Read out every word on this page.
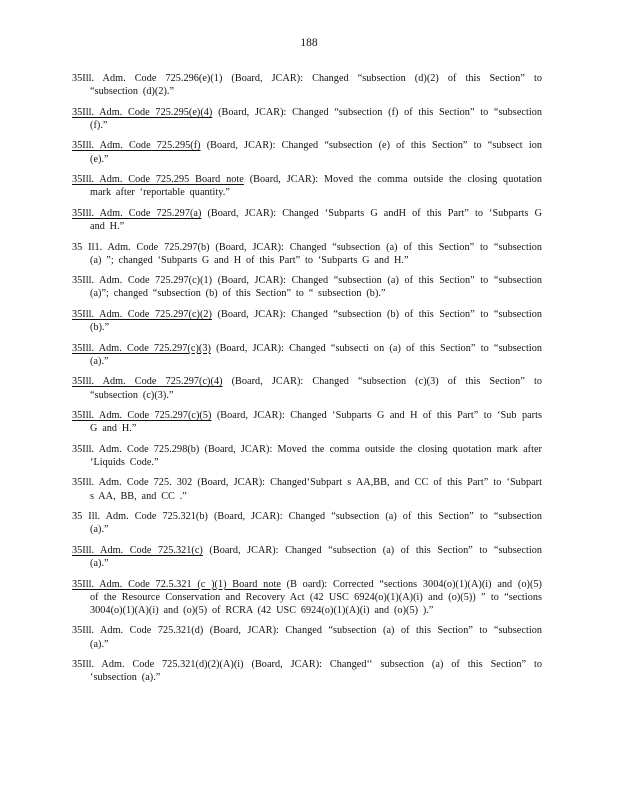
188

35Ill. Adm. Code 725.296(e)(1) (Board, JCAR): Changed “subsection (d)(2) of this Section” to “subsection (d)(2).”

35Ill. Adm. Code 725.295(e)(4) (Board, JCAR): Changed “subsection (f) of this Section” to “subsection (f).”

35Ill. Adm. Code 725.295(f) (Board, JCAR): Changed “subsection (e) of this Section” to “subsect ion (e).”

35Ill. Adm. Code 725.295 Board note (Board, JCAR): Moved the comma outside the closing quotation mark after ‘reportable quantity.”

35Ill. Adm. Code 725.297(a) (Board, JCAR): Changed ‘Subparts G andH of this Part” to ‘Subparts G and H.”

35 Il1. Adm. Code 725.297(b) (Board, JCAR): Changed “subsection (a) of this Section” to “subsection (a) ”; changed ‘Subparts G and H of this Part” to ‘Subparts G and H.”

35Ill. Adm. Code 725.297(c)(1) (Board, JCAR): Changed “subsection (a) of this Section” to “subsection (a)”; changed “subsection (b) of this Section” to “ subsection (b).”

35Ill. Adm. Code 725.297(c)(2) (Board, JCAR): Changed “subsection (b) of this Section” to “subsection (b).”

35Ill. Adm. Code 725.297(c)(3) (Board, JCAR): Changed “subsecti on (a) of this Section” to “subsection (a).”

35Ill. Adm. Code 725.297(c)(4) (Board, JCAR): Changed “subsection (c)(3) of this Section” to “subsection (c)(3).”

35Ill. Adm. Code 725.297(c)(5) (Board, JCAR): Changed ‘Subparts G and H of this Part” to ‘Sub parts G and H.”

35Ill. Adm. Code 725.298(b) (Board, JCAR): Moved the comma outside the closing quotation mark after ‘Liquids Code.”

35Ill. Adm. Code 725. 302 (Board, JCAR): Changed‘Subpart s AA,BB, and CC of this Part” to ‘Subpart s AA, BB, and CC .”

35 Ill. Adm. Code 725.321(b) (Board, JCAR): Changed “subsection (a) of this Section” to “subsection (a).”

35Ill. Adm. Code 725.321(c) (Board, JCAR): Changed “subsection (a) of this Section” to “subsection (a).”

35Ill. Adm. Code 72.5.321 (c )(1) Board note (B oard): Corrected “sections 3004(o)(1)(A)(i) and (o)(5) of the Resource Conservation and Recovery Act (42 USC 6924(o)(1)(A)(i) and (o)(5)) ” to “sections 3004(o)(1)(A)(i) and (o)(5) of RCRA (42 USC 6924(o)(1)(A)(i) and (o)(5) ).”

35Ill. Adm. Code 725.321(d) (Board, JCAR): Changed “subsection (a) of this Section” to “subsection (a).”

35Ill. Adm. Code 725.321(d)(2)(A)(i) (Board, JCAR): Changed‘‘ subsection (a) of this Section” to ‘subsection (a).”
